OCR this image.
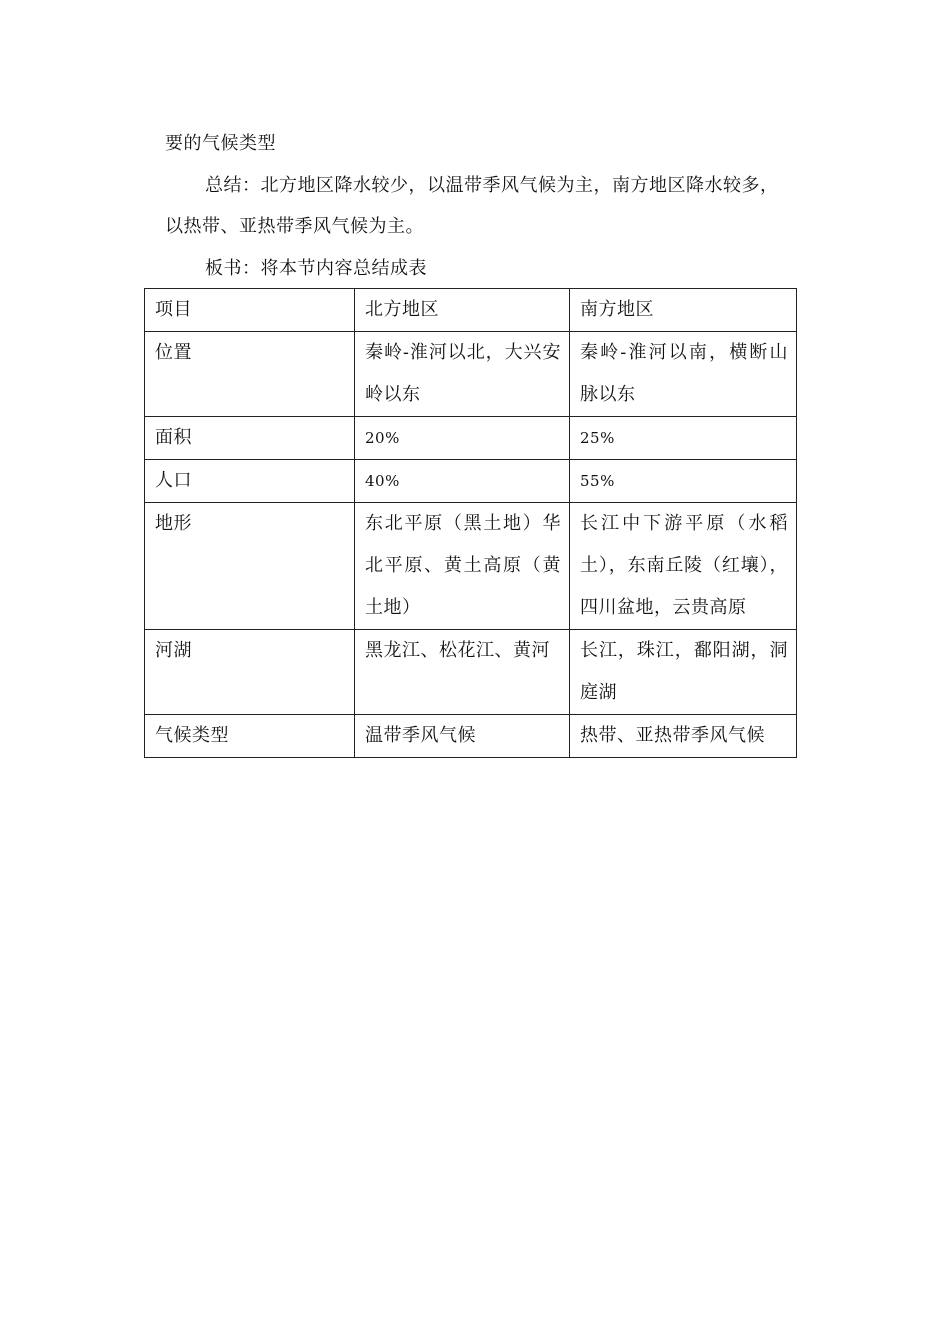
要的气候类型
总结：北方地区降水较少，以温带季风气候为主，南方地区降水较多，
以热带、亚热带季风气候为主。
板书：将本节内容总结成表
项目	北方地区	南方地区
位置	秦岭-淮河以北，大兴安岭以东	秦岭-淮河以南，横断山脉以东
面积	20%	25%
人口	40%	55%
地形	东北平原（黑土地）华北平原、黄土高原（黄土地）	长江中下游平原（水稻土），东南丘陵（红壤），四川盆地，云贵高原
河湖	黑龙江、松花江、黄河	长江，珠江，鄱阳湖，洞庭湖
气候类型	温带季风气候	热带、亚热带季风气候
